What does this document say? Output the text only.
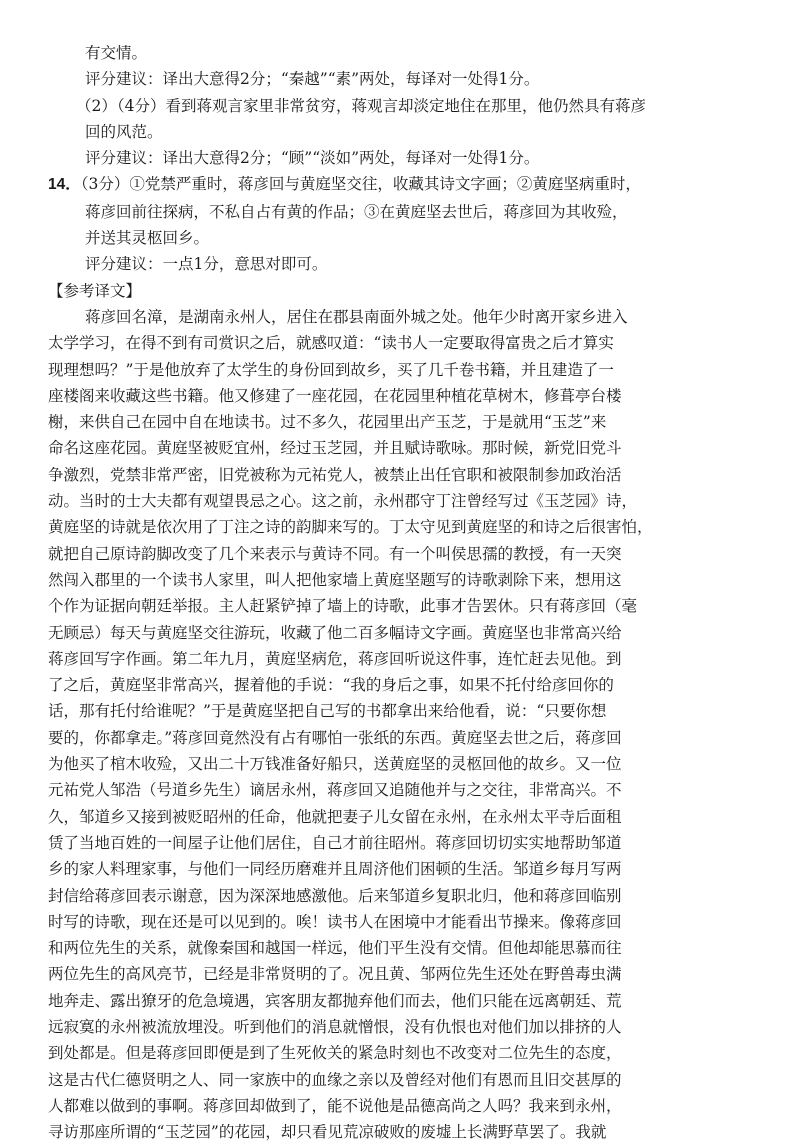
有交情。
评分建议：译出大意得2分；“秦越”“素”两处，每译对一处得1分。
（2）（4分）看到蒋观言家里非常贫穷，蒋观言却淡定地住在那里，他仍然具有蒋彦
回的风范。
评分建议：译出大意得2分；“顾”“淡如”两处，每译对一处得1分。
14．（3分）①党禁严重时，蒋彦回与黄庭坚交往，收藏其诗文字画；②黄庭坚病重时，
蒋彦回前往探病，不私自占有黄的作品；③在黄庭坚去世后，蒋彦回为其收殓，
并送其灵柩回乡。
评分建议：一点1分，意思对即可。
【参考译文】
蒋彦回名漳，是湖南永州人，居住在郡县南面外城之处。他年少时离开家乡进入
太学学习，在得不到有司赏识之后，就感叹道：“读书人一定要取得富贵之后才算实
现理想吗？”于是他放弃了太学生的身份回到故乡，买了几千卷书籍，并且建造了一
座楼阁来收藏这些书籍。他又修建了一座花园，在花园里种植花草树木，修葺亭台楼
榭，来供自己在园中自在地读书。过不多久，花园里出产玉芝，于是就用“玉芝”来
命名这座花园。黄庭坚被贬宜州，经过玉芝园，并且赋诗歌咏。那时候，新党旧党斗
争激烈，党禁非常严密，旧党被称为元祐党人，被禁止出任官职和被限制参加政治活
动。当时的士大夫都有观望畏忌之心。这之前，永州郡守丁注曾经写过《玉芝园》诗，
黄庭坚的诗就是依次用了丁注之诗的韵脚来写的。丁太守见到黄庭坚的和诗之后很害怕，
就把自己原诗韵脚改变了几个来表示与黄诗不同。有一个叫侯思孺的教授，有一天突
然闯入郡里的一个读书人家里，叫人把他家墙上黄庭坚题写的诗歌剥除下来，想用这
个作为证据向朝廷举报。主人赶紧铲掉了墙上的诗歌，此事才告罢休。只有蒋彦回（毫
无顾忌）每天与黄庭坚交往游玩，收藏了他二百多幅诗文字画。黄庭坚也非常高兴给
蒋彦回写字作画。第二年九月，黄庭坚病危，蒋彦回听说这件事，连忙赶去见他。到
了之后，黄庭坚非常高兴，握着他的手说：“我的身后之事，如果不托付给彦回你的
话，那有托付给谁呢？”于是黄庭坚把自己写的书都拿出来给他看，说：“只要你想
要的，你都拿走。”蒋彦回竟然没有占有哪怕一张纸的东西。黄庭坚去世之后，蒋彦回
为他买了棺木收殓，又出二十万钱准备好船只，送黄庭坚的灵柩回他的故乡。又一位
元祐党人邹浩（号道乡先生）谪居永州，蒋彦回又追随他并与之交往，非常高兴。不
久，邹道乡又接到被贬昭州的任命，他就把妻子儿女留在永州，在永州太平寺后面租
赁了当地百姓的一间屋子让他们居住，自己才前往昭州。蒋彦回切切实实地帮助邹道
乡的家人料理家事，与他们一同经历磨难并且周济他们困顿的生活。邹道乡每月写两
封信给蒋彦回表示谢意，因为深深地感激他。后来邹道乡复职北归，他和蒋彦回临别
时写的诗歌，现在还是可以见到的。唉！读书人在困境中才能看出节操来。像蒋彦回
和两位先生的关系，就像秦国和越国一样远，他们平生没有交情。但他却能思慕而往
两位先生的高风亮节，已经是非常贤明的了。况且黄、邹两位先生还处在野兽毒虫满
地奔走、露出獠牙的危急境遇，宾客朋友都抛弃他们而去，他们只能在远离朝廷、荒
远寂寞的永州被流放埋没。听到他们的消息就憎恨，没有仇恨也对他们加以排挤的人
到处都是。但是蒋彦回即便是到了生死攸关的紧急时刻也不改变对二位先生的态度，
这是古代仁德贤明之人、同一家族中的血缘之亲以及曾经对他们有恩而且旧交甚厚的
人都难以做到的事啊。蒋彦回却做到了，能不说他是品德高尚之人吗？我来到永州，
寻访那座所谓的“玉芝园”的花园，却只看见荒凉破败的废墟上长满野草罢了。我就
